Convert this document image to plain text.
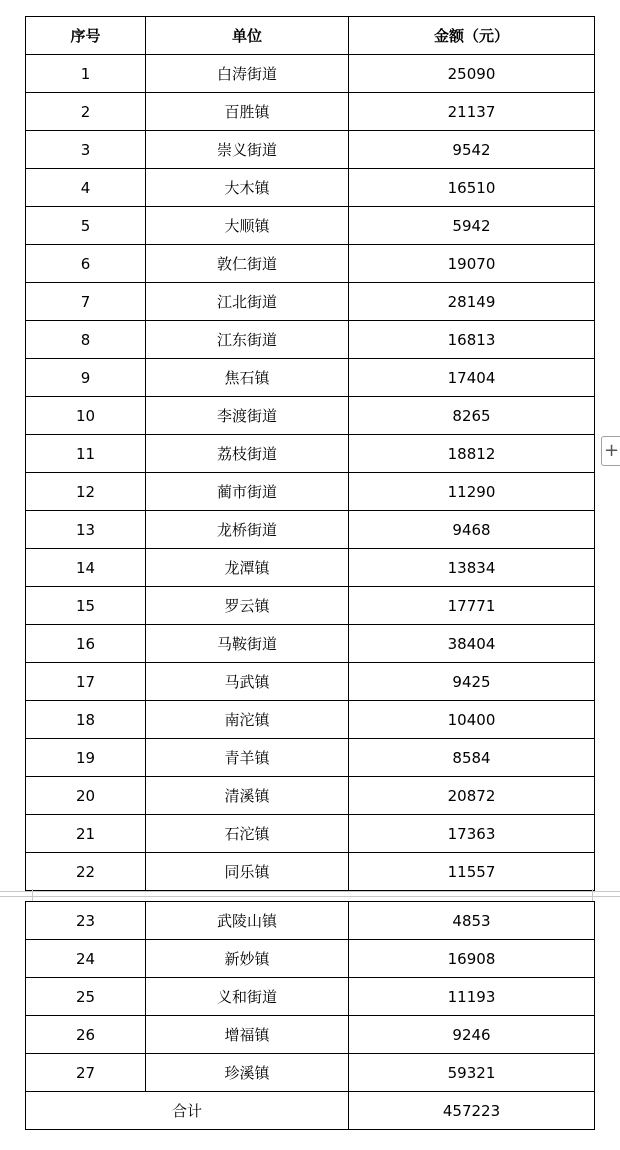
序号	单位	金额（元）
1	白涛街道	25090
2	百胜镇	21137
3	崇义街道	9542
4	大木镇	16510
5	大顺镇	5942
6	敦仁街道	19070
7	江北街道	28149
8	江东街道	16813
9	焦石镇	17404
10	李渡街道	8265
11	荔枝街道	18812
12	蔺市街道	11290
13	龙桥街道	9468
14	龙潭镇	13834
15	罗云镇	17771
16	马鞍街道	38404
17	马武镇	9425
18	南沱镇	10400
19	青羊镇	8584
20	清溪镇	20872
21	石沱镇	17363
22	同乐镇	11557
+
23	武陵山镇	4853
24	新妙镇	16908
25	义和街道	11193
26	增福镇	9246
27	珍溪镇	59321
合计		457223
